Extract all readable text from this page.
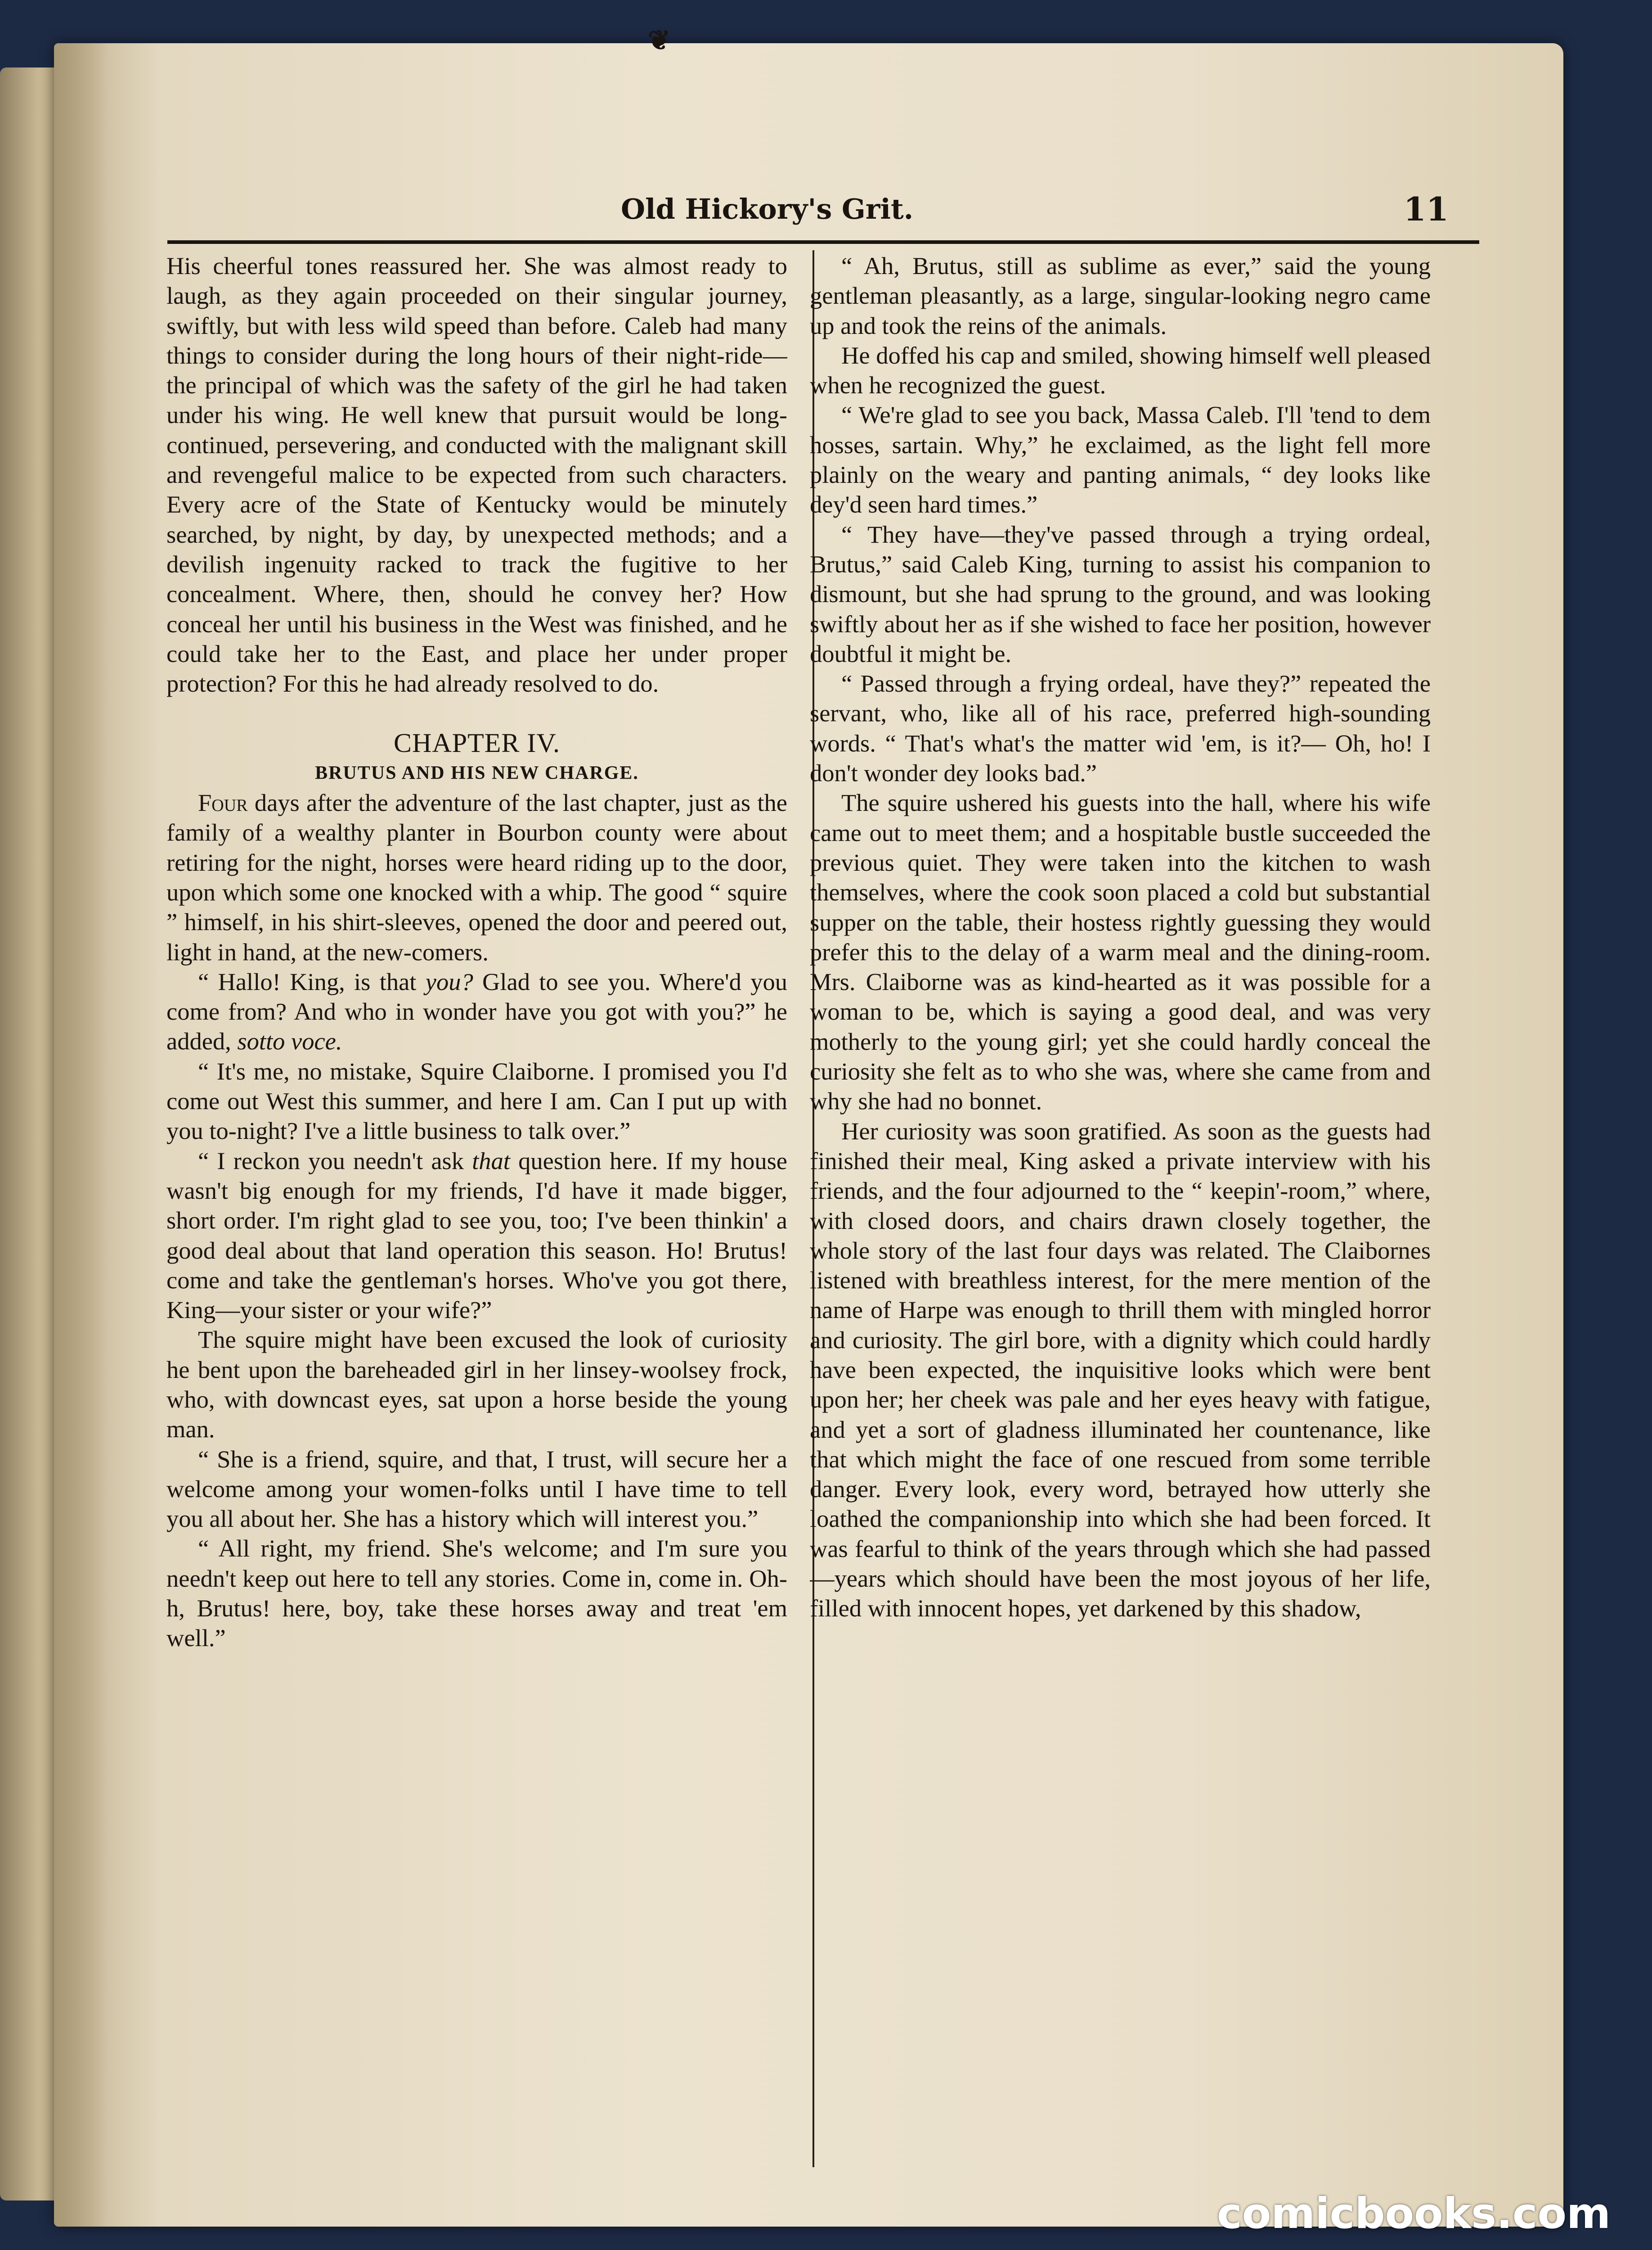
❦
Old Hickory's Grit.	11

His cheerful tones reassured her. She was almost ready to laugh, as they again proceeded on their singular journey, swiftly, but with less wild speed than before. Caleb had many things to consider during the long hours of their night-ride—the principal of which was the safety of the girl he had taken under his wing. He well knew that pursuit would be long-continued, persevering, and conducted with the malignant skill and revengeful malice to be expected from such characters. Every acre of the State of Kentucky would be minutely searched, by night, by day, by unexpected methods; and a devilish ingenuity racked to track the fugitive to her concealment. Where, then, should he convey her? How conceal her until his business in the West was finished, and he could take her to the East, and place her under proper protection? For this he had already resolved to do.

CHAPTER IV.
BRUTUS AND HIS NEW CHARGE.

Four days after the adventure of the last chapter, just as the family of a wealthy planter in Bourbon county were about retiring for the night, horses were heard riding up to the door, upon which some one knocked with a whip. The good “ squire ” himself, in his shirt-sleeves, opened the door and peered out, light in hand, at the new-comers.

“ Hallo! King, is that you? Glad to see you. Where'd you come from? And who in wonder have you got with you?” he added, sotto voce.

“ It's me, no mistake, Squire Claiborne. I promised you I'd come out West this summer, and here I am. Can I put up with you to-night? I've a little business to talk over.”

“ I reckon you needn't ask that question here. If my house wasn't big enough for my friends, I'd have it made bigger, short order. I'm right glad to see you, too; I've been thinkin' a good deal about that land operation this season. Ho! Brutus! come and take the gentleman's horses. Who've you got there, King—your sister or your wife?”

The squire might have been excused the look of curiosity he bent upon the bareheaded girl in her linsey-woolsey frock, who, with downcast eyes, sat upon a horse beside the young man.

“ She is a friend, squire, and that, I trust, will secure her a welcome among your women-folks until I have time to tell you all about her. She has a history which will interest you.”

“ All right, my friend. She's welcome; and I'm sure you needn't keep out here to tell any stories. Come in, come in. Oh-h, Brutus! here, boy, take these horses away and treat 'em well.”

“ Ah, Brutus, still as sublime as ever,” said the young gentleman pleasantly, as a large, singular-looking negro came up and took the reins of the animals.

He doffed his cap and smiled, showing himself well pleased when he recognized the guest.

“ We're glad to see you back, Massa Caleb. I'll 'tend to dem hosses, sartain. Why,” he exclaimed, as the light fell more plainly on the weary and panting animals, “ dey looks like dey'd seen hard times.”

“ They have—they've passed through a trying ordeal, Brutus,” said Caleb King, turning to assist his companion to dismount, but she had sprung to the ground, and was looking swiftly about her as if she wished to face her position, however doubtful it might be.

“ Passed through a frying ordeal, have they?” repeated the servant, who, like all of his race, preferred high-sounding words. “ That's what's the matter wid 'em, is it?— Oh, ho! I don't wonder dey looks bad.”

The squire ushered his guests into the hall, where his wife came out to meet them; and a hospitable bustle succeeded the previous quiet. They were taken into the kitchen to wash themselves, where the cook soon placed a cold but substantial supper on the table, their hostess rightly guessing they would prefer this to the delay of a warm meal and the dining-room. Mrs. Claiborne was as kind-hearted as it was possible for a woman to be, which is saying a good deal, and was very motherly to the young girl; yet she could hardly conceal the curiosity she felt as to who she was, where she came from and why she had no bonnet.

Her curiosity was soon gratified. As soon as the guests had finished their meal, King asked a private interview with his friends, and the four adjourned to the “ keepin'-room,” where, with closed doors, and chairs drawn closely together, the whole story of the last four days was related. The Claibornes listened with breathless interest, for the mere mention of the name of Harpe was enough to thrill them with mingled horror and curiosity. The girl bore, with a dignity which could hardly have been expected, the inquisitive looks which were bent upon her; her cheek was pale and her eyes heavy with fatigue, and yet a sort of gladness illuminated her countenance, like that which might the face of one rescued from some terrible danger. Every look, every word, betrayed how utterly she loathed the companionship into which she had been forced. It was fearful to think of the years through which she had passed—years which should have been the most joyous of her life, filled with innocent hopes, yet darkened by this shadow,

comicbooks.com
